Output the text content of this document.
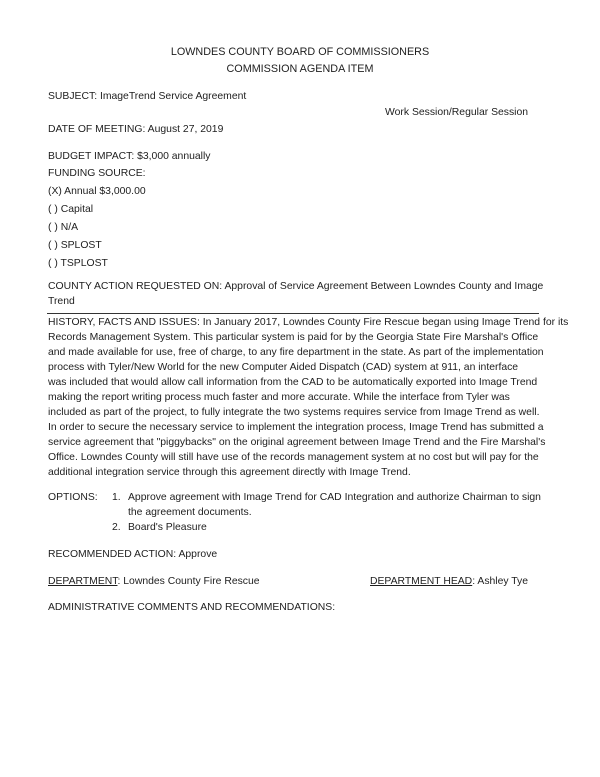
LOWNDES COUNTY BOARD OF COMMISSIONERS
COMMISSION AGENDA ITEM
SUBJECT: ImageTrend Service Agreement
Work Session/Regular Session
DATE OF MEETING: August 27, 2019
BUDGET IMPACT: $3,000 annually
FUNDING SOURCE:
(X) Annual $3,000.00
( ) Capital
( ) N/A
( ) SPLOST
( ) TSPLOST
COUNTY ACTION REQUESTED ON: Approval of Service Agreement Between Lowndes County and Image
Trend
HISTORY, FACTS AND ISSUES: In January 2017, Lowndes County Fire Rescue began using Image Trend for its
Records Management System. This particular system is paid for by the Georgia State Fire Marshal's Office
and made available for use, free of charge, to any fire department in the state. As part of the implementation
process with Tyler/New World for the new Computer Aided Dispatch (CAD) system at 911, an interface
was included that would allow call information from the CAD to be automatically exported into Image Trend
making the report writing process much faster and more accurate. While the interface from Tyler was
included as part of the project, to fully integrate the two systems requires service from Image Trend as well.
In order to secure the necessary service to implement the integration process, Image Trend has submitted a
service agreement that "piggybacks" on the original agreement between Image Trend and the Fire Marshal's
Office. Lowndes County will still have use of the records management system at no cost but will pay for the
additional integration service through this agreement directly with Image Trend.
OPTIONS: 1. Approve agreement with Image Trend for CAD Integration and authorize Chairman to sign
the agreement documents.
2. Board's Pleasure
RECOMMENDED ACTION: Approve
DEPARTMENT: Lowndes County Fire Rescue	DEPARTMENT HEAD: Ashley Tye
ADMINISTRATIVE COMMENTS AND RECOMMENDATIONS:
